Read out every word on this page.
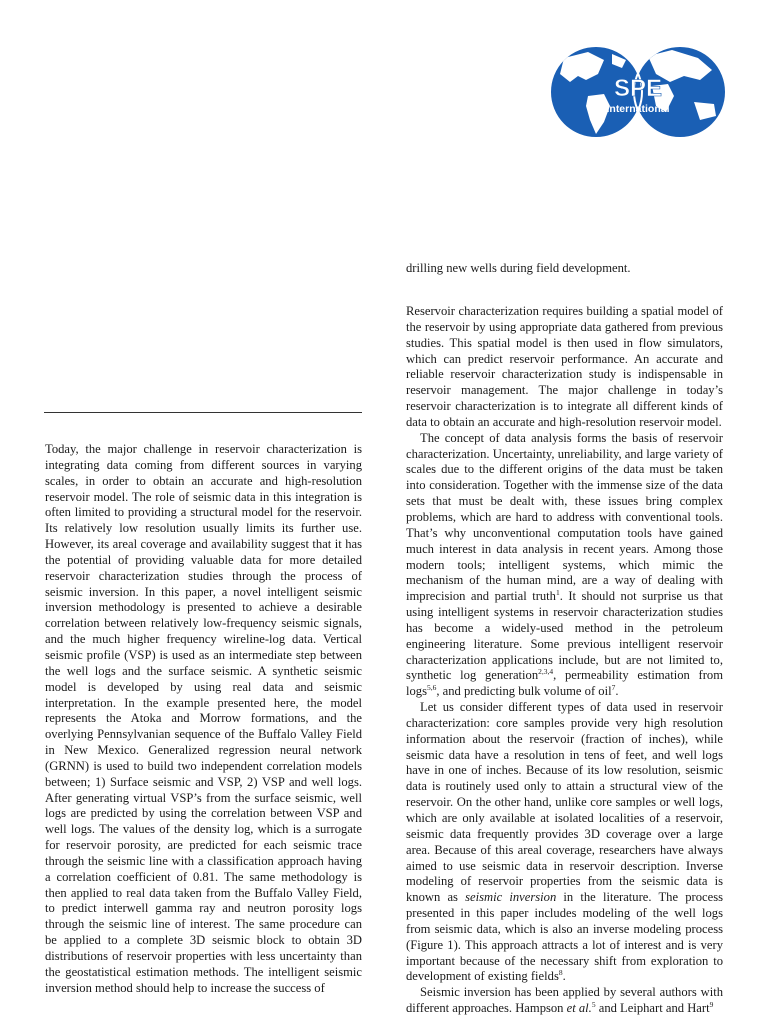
SPE
International
drilling new wells during field development.

Today, the major challenge in reservoir characterization is integrating data coming from different sources in varying scales, in order to obtain an accurate and high-resolution reservoir model. The role of seismic data in this integration is often limited to providing a structural model for the reservoir. Its relatively low resolution usually limits its further use. However, its areal coverage and availability suggest that it has the potential of providing valuable data for more detailed reservoir characterization studies through the process of seismic inversion. In this paper, a novel intelligent seismic inversion methodology is presented to achieve a desirable correlation between relatively low-frequency seismic signals, and the much higher frequency wireline-log data. Vertical seismic profile (VSP) is used as an intermediate step between the well logs and the surface seismic. A synthetic seismic model is developed by using real data and seismic interpretation. In the example presented here, the model represents the Atoka and Morrow formations, and the overlying Pennsylvanian sequence of the Buffalo Valley Field in New Mexico. Generalized regression neural network (GRNN) is used to build two independent correlation models between; 1) Surface seismic and VSP, 2) VSP and well logs. After generating virtual VSP’s from the surface seismic, well logs are predicted by using the correlation between VSP and well logs. The values of the density log, which is a surrogate for reservoir porosity, are predicted for each seismic trace through the seismic line with a classification approach having a correlation coefficient of 0.81. The same methodology is then applied to real data taken from the Buffalo Valley Field, to predict interwell gamma ray and neutron porosity logs through the seismic line of interest. The same procedure can be applied to a complete 3D seismic block to obtain 3D distributions of reservoir properties with less uncertainty than the geostatistical estimation methods. The intelligent seismic inversion method should help to increase the success of

Reservoir characterization requires building a spatial model of the reservoir by using appropriate data gathered from previous studies. This spatial model is then used in flow simulators, which can predict reservoir performance. An accurate and reliable reservoir characterization study is indispensable in reservoir management. The major challenge in today’s reservoir characterization is to integrate all different kinds of data to obtain an accurate and high-resolution reservoir model.

The concept of data analysis forms the basis of reservoir characterization. Uncertainty, unreliability, and large variety of scales due to the different origins of the data must be taken into consideration. Together with the immense size of the data sets that must be dealt with, these issues bring complex problems, which are hard to address with conventional tools. That’s why unconventional computation tools have gained much interest in data analysis in recent years. Among those modern tools; intelligent systems, which mimic the mechanism of the human mind, are a way of dealing with imprecision and partial truth$^1$. It should not surprise us that using intelligent systems in reservoir characterization studies has become a widely-used method in the petroleum engineering literature. Some previous intelligent reservoir characterization applications include, but are not limited to, synthetic log generation$^{2,3,4}$, permeability estimation from logs$^{5,6}$, and predicting bulk volume of oil$^7$.

Let us consider different types of data used in reservoir characterization: core samples provide very high resolution information about the reservoir (fraction of inches), while seismic data have a resolution in tens of feet, and well logs have in one of inches. Because of its low resolution, seismic data is routinely used only to attain a structural view of the reservoir. On the other hand, unlike core samples or well logs, which are only available at isolated localities of a reservoir, seismic data frequently provides 3D coverage over a large area. Because of this areal coverage, researchers have always aimed to use seismic data in reservoir description. Inverse modeling of reservoir properties from the seismic data is known as seismic inversion in the literature. The process presented in this paper includes modeling of the well logs from seismic data, which is also an inverse modeling process (Figure 1). This approach attracts a lot of interest and is very important because of the necessary shift from exploration to development of existing fields$^8$.

Seismic inversion has been applied by several authors with different approaches. Hampson et al.$^5$ and Leiphart and Hart$^9$
